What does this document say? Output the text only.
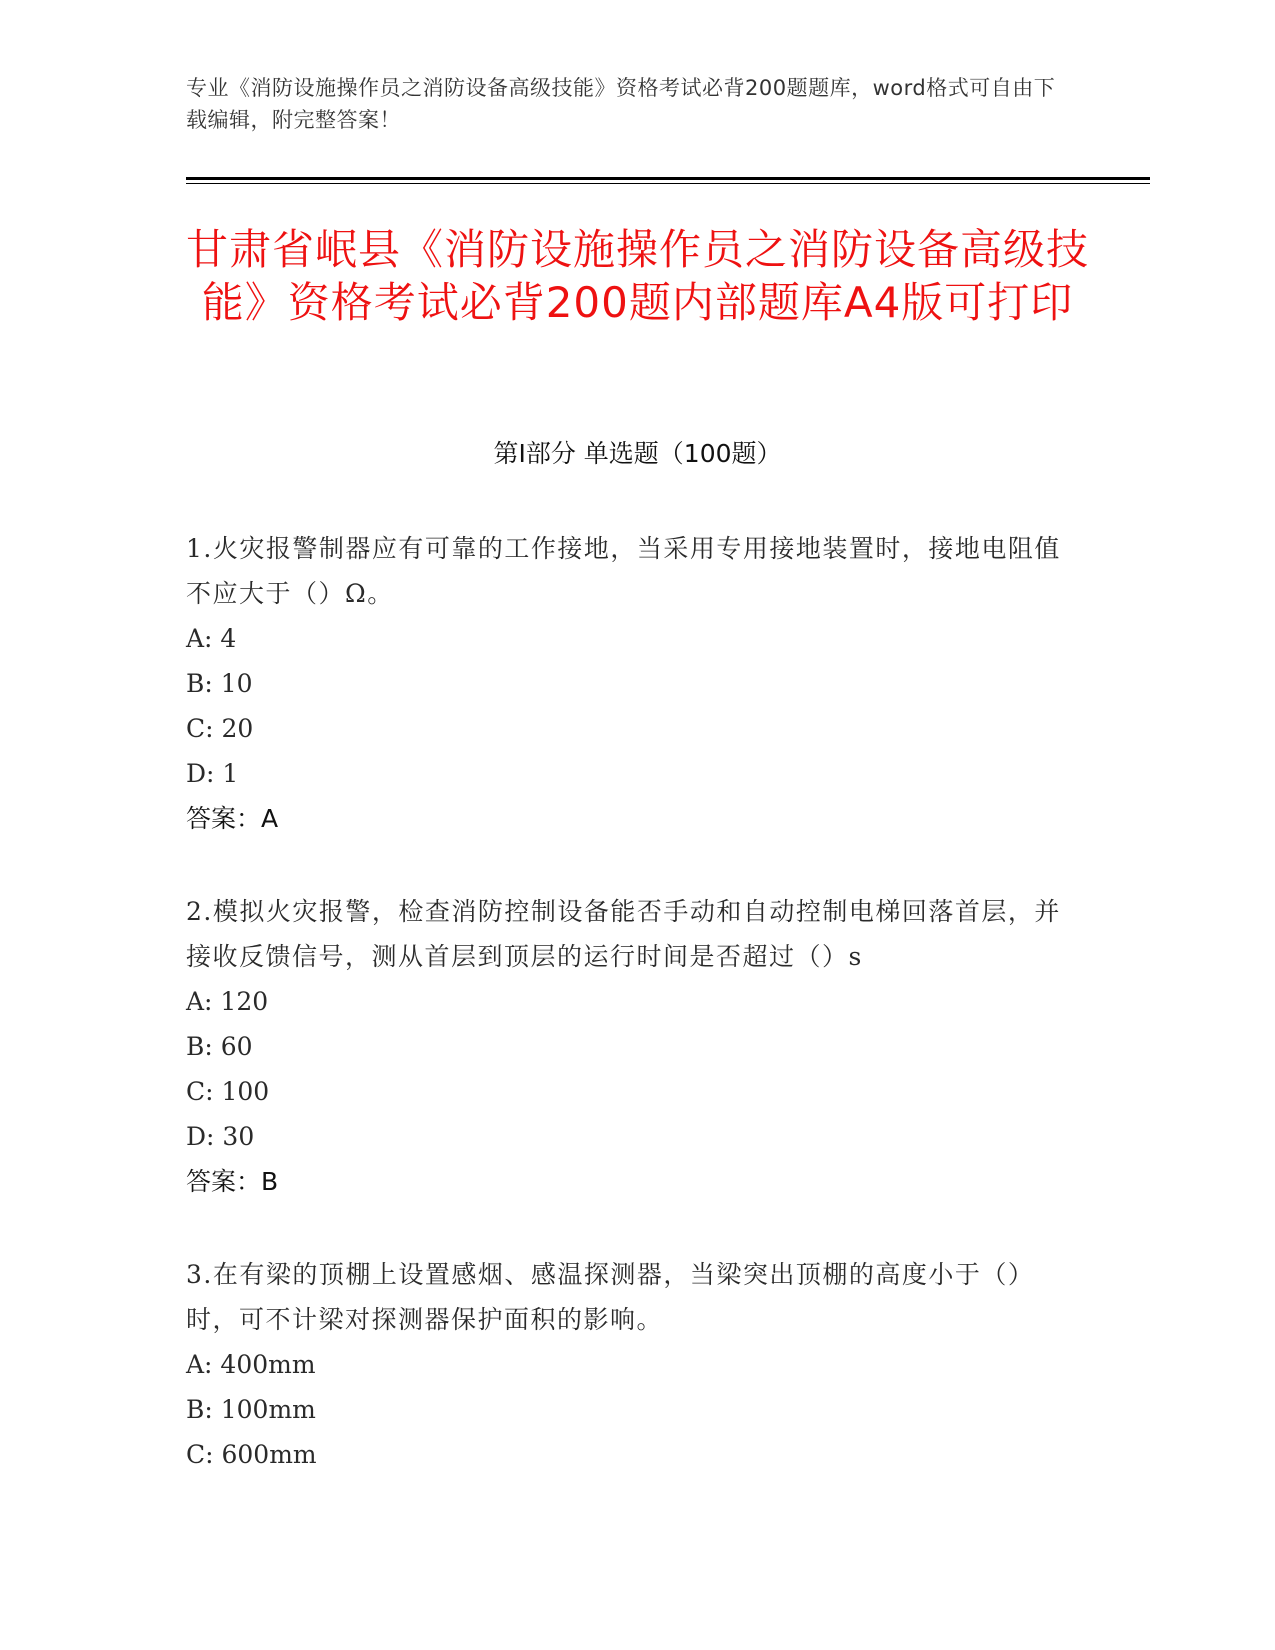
专业《消防设施操作员之消防设备高级技能》资格考试必背200题题库，word格式可自由下载编辑，附完整答案！
甘肃省岷县《消防设施操作员之消防设备高级技能》资格考试必背200题内部题库A4版可打印
第Ⅰ部分 单选题（100题）
1.火灾报警制器应有可靠的工作接地，当采用专用接地装置时，接地电阻值不应大于（）Ω。
A: 4
B: 10
C: 20
D: 1
答案：A
2.模拟火灾报警，检查消防控制设备能否手动和自动控制电梯回落首层，并接收反馈信号，测从首层到顶层的运行时间是否超过（）s
A: 120
B: 60
C: 100
D: 30
答案：B
3.在有梁的顶棚上设置感烟、感温探测器，当梁突出顶棚的高度小于（）时，可不计梁对探测器保护面积的影响。
A: 400mm
B: 100mm
C: 600mm
